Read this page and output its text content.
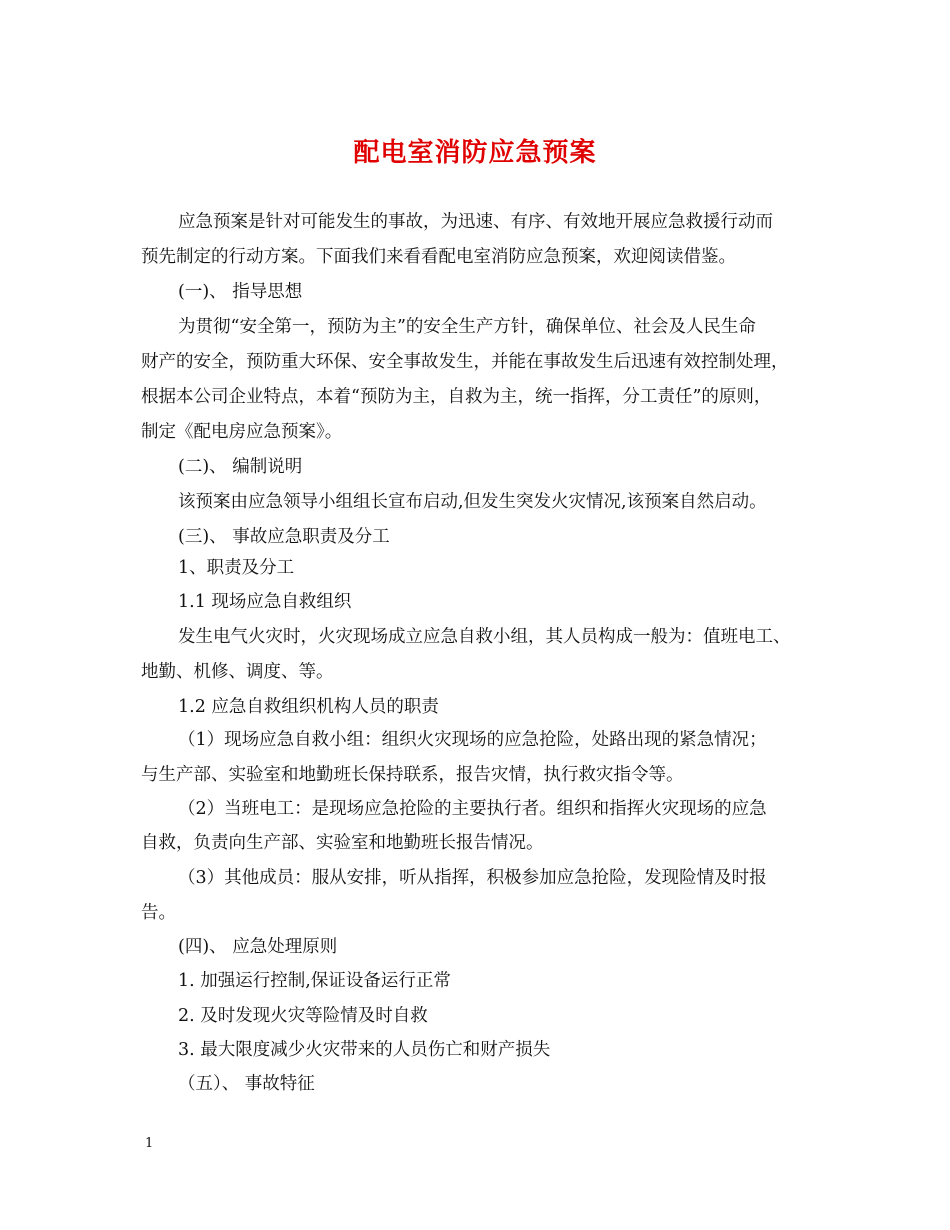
配电室消防应急预案
应急预案是针对可能发生的事故，为迅速、有序、有效地开展应急救援行动而
预先制定的行动方案。下面我们来看看配电室消防应急预案，欢迎阅读借鉴。
(一)、 指导思想
为贯彻“安全第一，预防为主”的安全生产方针，确保单位、社会及人民生命
财产的安全，预防重大环保、安全事故发生，并能在事故发生后迅速有效控制处理，
根据本公司企业特点，本着“预防为主，自救为主，统一指挥，分工责任”的原则，
制定《配电房应急预案》。
(二)、 编制说明
该预案由应急领导小组组长宣布启动,但发生突发火灾情况,该预案自然启动。
(三)、 事故应急职责及分工
1、职责及分工
1.1 现场应急自救组织
发生电气火灾时，火灾现场成立应急自救小组，其人员构成一般为：值班电工、
地勤、机修、调度、等。
1.2 应急自救组织机构人员的职责
（1）现场应急自救小组：组织火灾现场的应急抢险，处路出现的紧急情况；
与生产部、实验室和地勤班长保持联系，报告灾情，执行救灾指令等。
（2）当班电工：是现场应急抢险的主要执行者。组织和指挥火灾现场的应急
自救，负责向生产部、实验室和地勤班长报告情况。
（3）其他成员：服从安排，听从指挥，积极参加应急抢险，发现险情及时报
告。
(四)、 应急处理原则
1. 加强运行控制,保证设备运行正常
2. 及时发现火灾等险情及时自救
3. 最大限度减少火灾带来的人员伤亡和财产损失
（五）、 事故特征
1
